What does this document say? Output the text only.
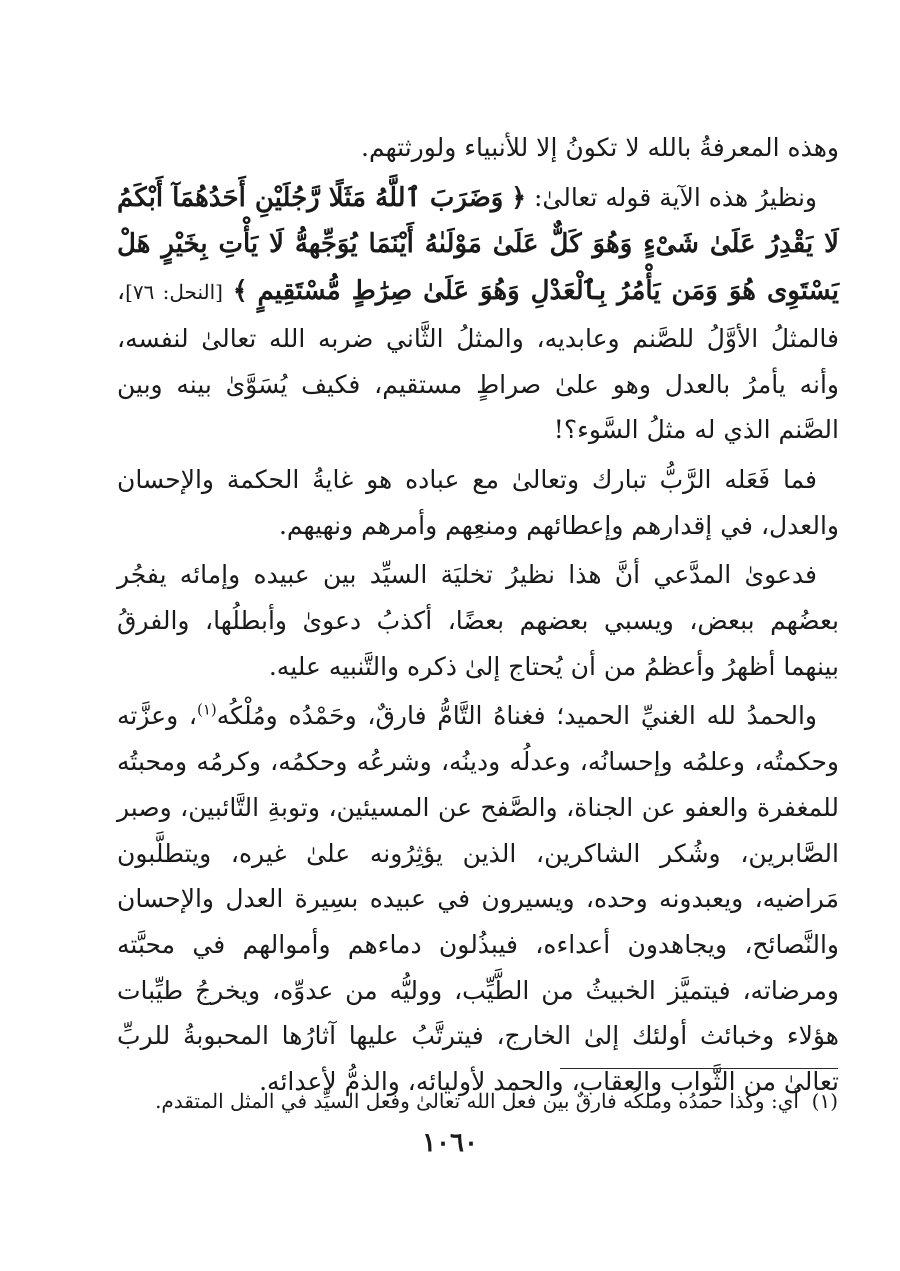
وهذه المعرفةُ بالله لا تكونُ إلا للأنبياء ولورثتهم.

ونظيرُ هذه الآية قوله تعالىٰ: ﴿ وَضَرَبَ ٱللَّهُ مَثَلًا رَّجُلَيْنِ أَحَدُهُمَآ أَبْكَمُ لَا يَقْدِرُ عَلَىٰ شَىْءٍ وَهُوَ كَلٌّ عَلَىٰ مَوْلَىٰهُ أَيْنَمَا يُوَجِّههُّ لَا يَأْتِ بِخَيْرٍ هَلْ يَسْتَوِى هُوَ وَمَن يَأْمُرُ بِٱلْعَدْلِ وَهُوَ عَلَىٰ صِرَٰطٍ مُّسْتَقِيمٍ ﴾ [النحل: ٧٦]، فالمثلُ الأوَّلُ للصَّنم وعابديه، والمثلُ الثَّاني ضربه الله تعالىٰ لنفسه، وأنه يأمرُ بالعدل وهو علىٰ صراطٍ مستقيم، فكيف يُسَوَّىٰ بينه وبين الصَّنم الذي له مثلُ السَّوء؟!

فما فَعَله الرَّبُّ تبارك وتعالىٰ مع عباده هو غايةُ الحكمة والإحسان والعدل، في إقدارهم وإعطائهم ومنعِهم وأمرهم ونهيهم.

فدعوىٰ المدَّعي أنَّ هذا نظيرُ تخليَة السيِّد بين عبيده وإمائه يفجُر بعضُهم ببعض، ويسبي بعضهم بعضًا، أكذبُ دعوىٰ وأبطلُها، والفرقُ بينهما أظهرُ وأعظمُ من أن يُحتاج إلىٰ ذكره والتَّنبيه عليه.

والحمدُ لله الغنيِّ الحميد؛ فغناهُ التَّامُّ فارقٌ، وحَمْدُه ومُلْكُه$^{(١)}$، وعزَّته وحكمتُه، وعلمُه وإحسانُه، وعدلُه ودينُه، وشرعُه وحكمُه، وكرمُه ومحبتُه للمغفرة والعفو عن الجناة، والصَّفح عن المسيئين، وتوبةِ التَّائبين، وصبر الصَّابرين، وشُكر الشاكرين، الذين يؤثِرُونه علىٰ غيره، ويتطلَّبون مَراضيه، ويعبدونه وحده، ويسيرون في عبيده بسِيرة العدل والإحسان والنَّصائح، ويجاهدون أعداءه، فيبذُلون دماءهم وأموالهم في محبَّته ومرضاته، فيتميَّز الخبيثُ من الطَّيِّب، ووليُّه من عدوِّه، ويخرجُ طيِّبات هؤلاء وخبائث أولئك إلىٰ الخارج، فيترتَّبُ عليها آثارُها المحبوبةُ للربِّ تعالىٰ من الثَّواب والعقاب، والحمد لأوليائه، والذمُّ لأعدائه.

(١)  أي: وكذا حمدُه وملكُه فارقٌ بين فعل الله تعالىٰ وفعل السيِّد في المثل المتقدم.
١٠٦٠
